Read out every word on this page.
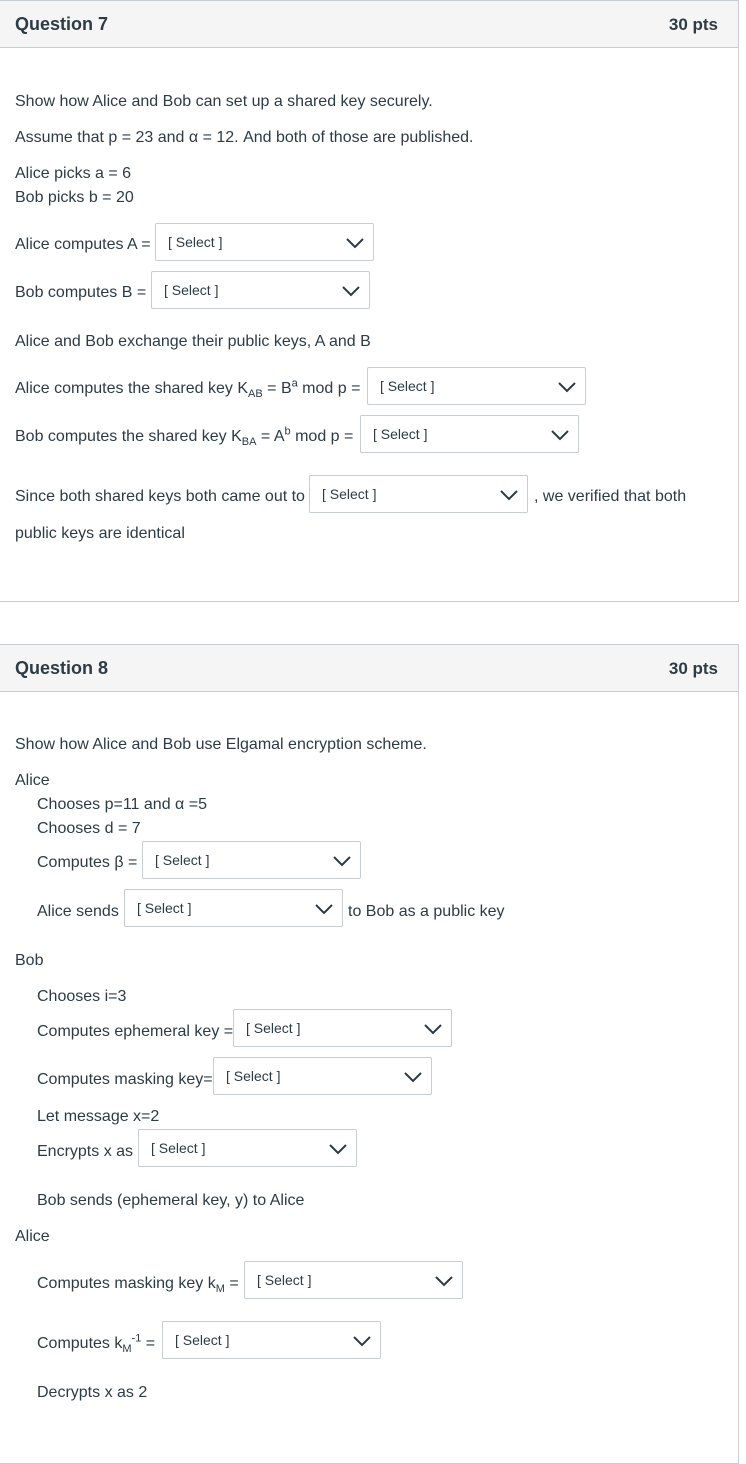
Question 7	30 pts
Show how Alice and Bob can set up a shared key securely.
Assume that p = 23 and α = 12. And both of those are published.
Alice picks a = 6
Bob picks b = 20
Alice computes A = [ Select ]
Bob computes B = [ Select ]
Alice and Bob exchange their public keys, A and B
Alice computes the shared key $K_{AB} = B^a$ mod p = [ Select ]
Bob computes the shared key $K_{BA} = A^b$ mod p = [ Select ]
Since both shared keys both came out to [ Select ]	, we verified that both
public keys are identical
Question 8	30 pts
Show how Alice and Bob use Elgamal encryption scheme.
Alice
Chooses p=11 and α =5
Chooses d = 7
Computes β = [ Select ]
Alice sends [ Select ]	to Bob as a public key
Bob
Chooses i=3
Computes ephemeral key = [ Select ]
Computes masking key= [ Select ]
Let message x=2
Encrypts x as [ Select ]
Bob sends (ephemeral key, y) to Alice
Alice
Computes masking key $k_M$ = [ Select ]
Computes $k_M^{-1}$ = [ Select ]
Decrypts x as 2
